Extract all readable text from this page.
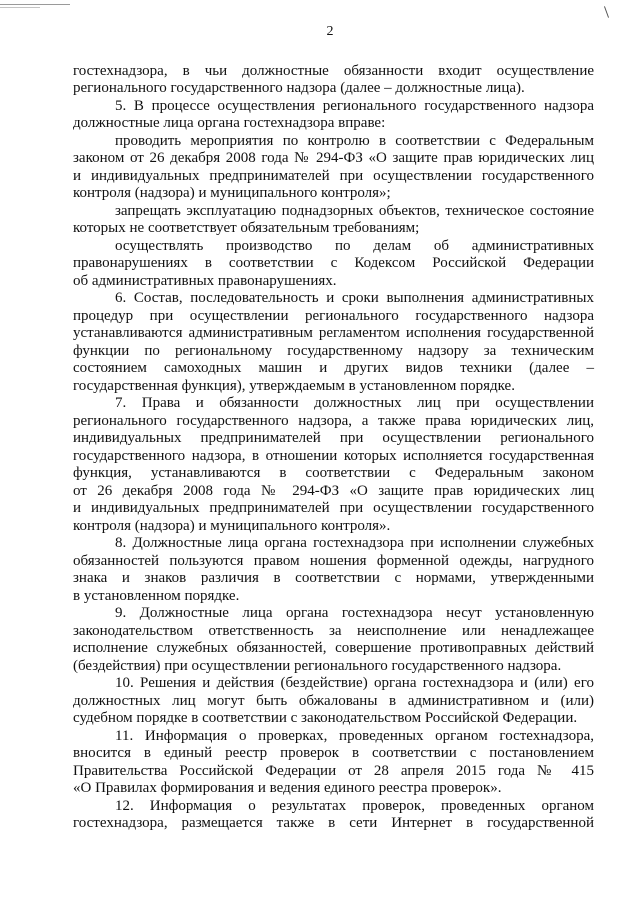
2
гостехнадзора, в чьи должностные обязанности входит осуществление
регионального государственного надзора (далее – должностные лица).
5. В процессе осуществления регионального государственного надзора
должностные лица органа гостехнадзора вправе:
проводить мероприятия по контролю в соответствии с Федеральным
законом от 26 декабря 2008 года № 294-ФЗ «О защите прав юридических лиц
и индивидуальных предпринимателей при осуществлении государственного
контроля (надзора) и муниципального контроля»;
запрещать эксплуатацию поднадзорных объектов, техническое состояние
которых не соответствует обязательным требованиям;
осуществлять производство по делам об административных
правонарушениях в соответствии с Кодексом Российской Федерации
об административных правонарушениях.
6. Состав, последовательность и сроки выполнения административных
процедур при осуществлении регионального государственного надзора
устанавливаются административным регламентом исполнения государственной
функции по региональному государственному надзору за техническим
состоянием самоходных машин и других видов техники (далее –
государственная функция), утверждаемым в установленном порядке.
7. Права и обязанности должностных лиц при осуществлении
регионального государственного надзора, а также права юридических лиц,
индивидуальных предпринимателей при осуществлении регионального
государственного надзора, в отношении которых исполняется государственная
функция, устанавливаются в соответствии с Федеральным законом
от 26 декабря 2008 года № 294-ФЗ «О защите прав юридических лиц
и индивидуальных предпринимателей при осуществлении государственного
контроля (надзора) и муниципального контроля».
8. Должностные лица органа гостехнадзора при исполнении служебных
обязанностей пользуются правом ношения форменной одежды, нагрудного
знака и знаков различия в соответствии с нормами, утвержденными
в установленном порядке.
9. Должностные лица органа гостехнадзора несут установленную
законодательством ответственность за неисполнение или ненадлежащее
исполнение служебных обязанностей, совершение противоправных действий
(бездействия) при осуществлении регионального государственного надзора.
10. Решения и действия (бездействие) органа гостехнадзора и (или) его
должностных лиц могут быть обжалованы в административном и (или)
судебном порядке в соответствии с законодательством Российской Федерации.
11. Информация о проверках, проведенных органом гостехнадзора,
вносится в единый реестр проверок в соответствии с постановлением
Правительства Российской Федерации от 28 апреля 2015 года № 415
«О Правилах формирования и ведения единого реестра проверок».
12. Информация о результатах проверок, проведенных органом
гостехнадзора, размещается также в сети Интернет в государственной
